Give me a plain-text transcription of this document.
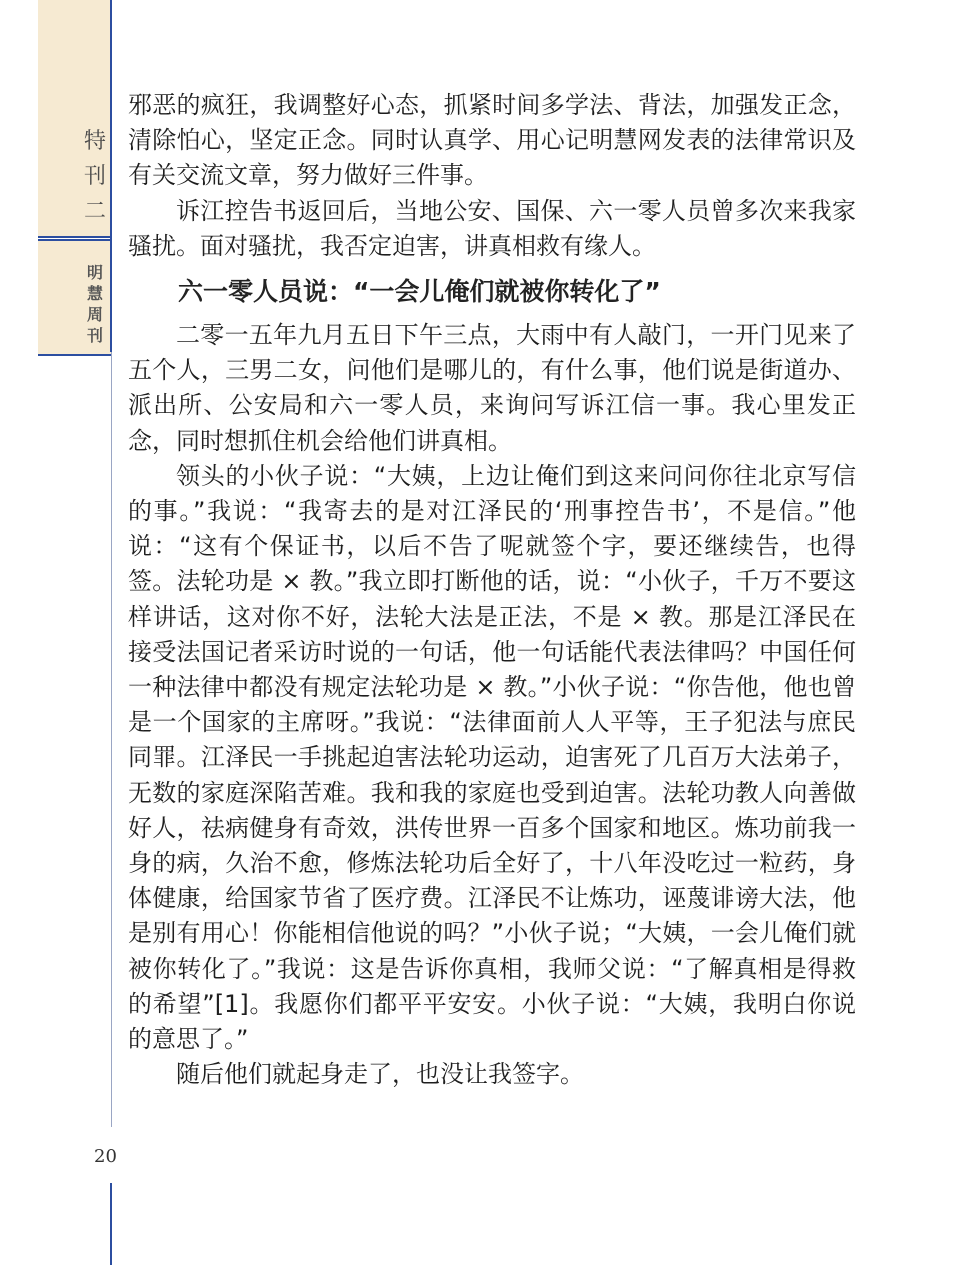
特
刊
二
明
慧
周
刊
20

邪恶的疯狂，我调整好心态，抓紧时间多学法、背法，加强发正念，清除怕心，坚定正念。同时认真学、用心记明慧网发表的法律常识及有关交流文章，努力做好三件事。

诉江控告书返回后，当地公安、国保、六一零人员曾多次来我家骚扰。面对骚扰，我否定迫害，讲真相救有缘人。

六一零人员说：“一会儿俺们就被你转化了”

二零一五年九月五日下午三点，大雨中有人敲门，一开门见来了五个人，三男二女，问他们是哪儿的，有什么事，他们说是街道办、派出所、公安局和六一零人员，来询问写诉江信一事。我心里发正念，同时想抓住机会给他们讲真相。

领头的小伙子说：“大姨，上边让俺们到这来问问你往北京写信的事。”我说：“我寄去的是对江泽民的‘刑事控告书’，不是信。”他说：“这有个保证书，以后不告了呢就签个字，要还继续告，也得签。法轮功是 × 教。”我立即打断他的话，说：“小伙子，千万不要这样讲话，这对你不好，法轮大法是正法，不是 × 教。那是江泽民在接受法国记者采访时说的一句话，他一句话能代表法律吗？中国任何一种法律中都没有规定法轮功是 × 教。”小伙子说：“你告他，他也曾是一个国家的主席呀。”我说：“法律面前人人平等，王子犯法与庶民同罪。江泽民一手挑起迫害法轮功运动，迫害死了几百万大法弟子，无数的家庭深陷苦难。我和我的家庭也受到迫害。法轮功教人向善做好人，祛病健身有奇效，洪传世界一百多个国家和地区。炼功前我一身的病，久治不愈，修炼法轮功后全好了，十八年没吃过一粒药，身体健康，给国家节省了医疗费。江泽民不让炼功，诬蔑诽谤大法，他是别有用心！你能相信他说的吗？”小伙子说；“大姨，一会儿俺们就被你转化了。”我说：这是告诉你真相，我师父说：“了解真相是得救的希望”[1]。我愿你们都平平安安。小伙子说：“大姨，我明白你说的意思了。”

随后他们就起身走了，也没让我签字。
